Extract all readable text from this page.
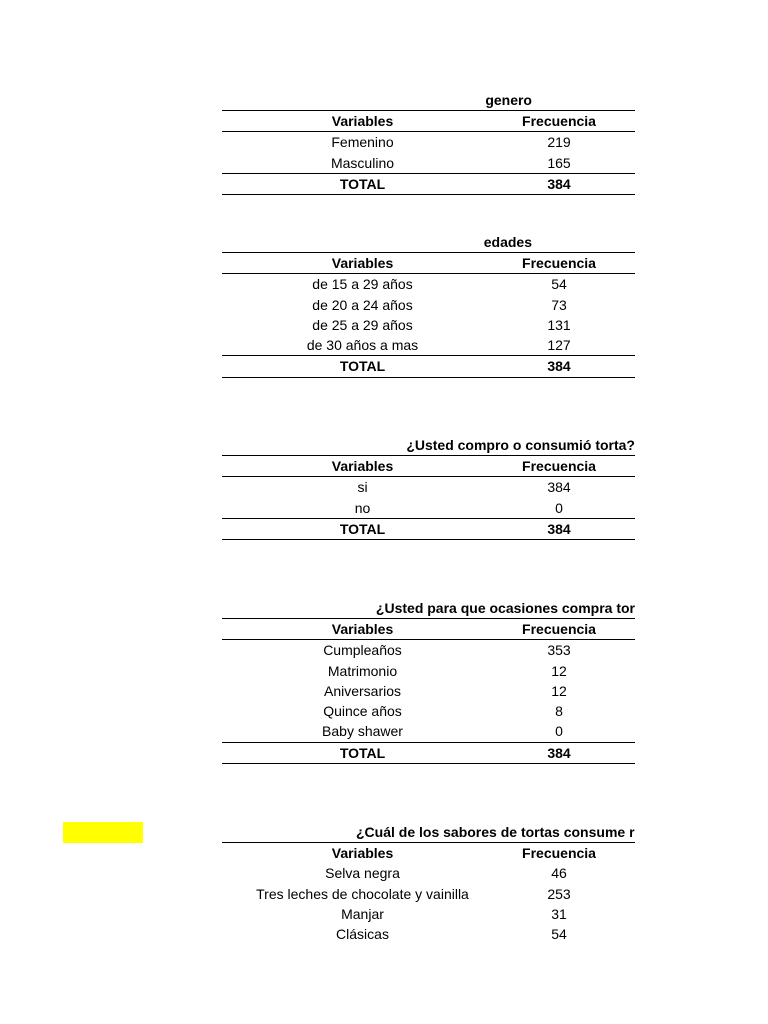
genero
Variables	Frecuencia
Femenino	219
Masculino	165
TOTAL	384
edades
Variables	Frecuencia
de 15 a 29 años	54
de 20 a 24 años	73
de 25 a 29 años	131
de 30 años a mas	127
TOTAL	384
¿Usted compro o consumió torta?
Variables	Frecuencia
si	384
no	0
TOTAL	384
¿Usted para que ocasiones compra tor
Variables	Frecuencia
Cumpleaños	353
Matrimonio	12
Aniversarios	12
Quince años	8
Baby shawer	0
TOTAL	384
¿Cuál de los sabores de tortas consume r
Variables	Frecuencia
Selva negra	46
Tres leches de chocolate y vainilla	253
Manjar	31
Clásicas	54
